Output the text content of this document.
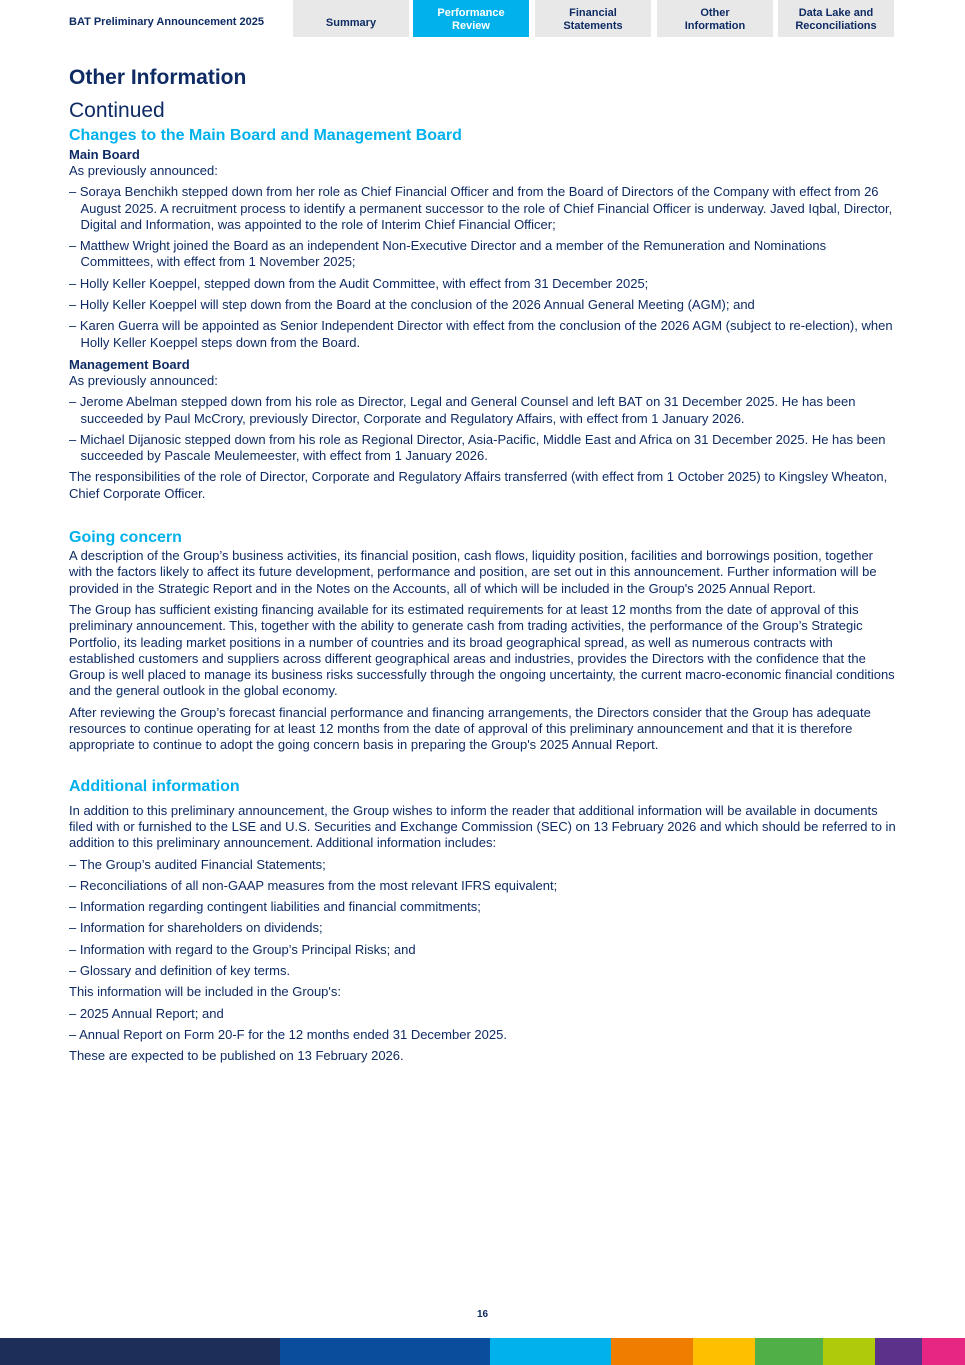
BAT Preliminary Announcement 2025	Summary
Performance
Review
Financial
Statements
Other
Information
Data Lake and
Reconciliations
Other Information
Continued
Changes to the Main Board and Management Board
Main Board

As previously announced:

– Soraya Benchikh stepped down from her role as Chief Financial Officer and from the Board of Directors of the Company with effect from 26 August 2025. A recruitment process to identify a permanent successor to the role of Chief Financial Officer is underway. Javed Iqbal, Director, Digital and Information, was appointed to the role of Interim Chief Financial Officer;
– Matthew Wright joined the Board as an independent Non-Executive Director and a member of the Remuneration and Nominations Committees, with effect from 1 November 2025;
– Holly Keller Koeppel, stepped down from the Audit Committee, with effect from 31 December 2025;
– Holly Keller Koeppel will step down from the Board at the conclusion of the 2026 Annual General Meeting (AGM); and
– Karen Guerra will be appointed as Senior Independent Director with effect from the conclusion of the 2026 AGM (subject to re-election), when Holly Keller Koeppel steps down from the Board.
Management Board

As previously announced:

– Jerome Abelman stepped down from his role as Director, Legal and General Counsel and left BAT on 31 December 2025. He has been succeeded by Paul McCrory, previously Director, Corporate and Regulatory Affairs, with effect from 1 January 2026.
– Michael Dijanosic stepped down from his role as Regional Director, Asia-Pacific, Middle East and Africa on 31 December 2025. He has been succeeded by Pascale Meulemeester, with effect from 1 January 2026.

The responsibilities of the role of Director, Corporate and Regulatory Affairs transferred (with effect from 1 October 2025) to Kingsley Wheaton, Chief Corporate Officer.

Going concern

A description of the Group’s business activities, its financial position, cash flows, liquidity position, facilities and borrowings position, together with the factors likely to affect its future development, performance and position, are set out in this announcement. Further information will be provided in the Strategic Report and in the Notes on the Accounts, all of which will be included in the Group's 2025 Annual Report.

The Group has sufficient existing financing available for its estimated requirements for at least 12 months from the date of approval of this preliminary announcement. This, together with the ability to generate cash from trading activities, the performance of the Group’s Strategic Portfolio, its leading market positions in a number of countries and its broad geographical spread, as well as numerous contracts with established customers and suppliers across different geographical areas and industries, provides the Directors with the confidence that the Group is well placed to manage its business risks successfully through the ongoing uncertainty, the current macro-economic financial conditions and the general outlook in the global economy.

After reviewing the Group’s forecast financial performance and financing arrangements, the Directors consider that the Group has adequate resources to continue operating for at least 12 months from the date of approval of this preliminary announcement and that it is therefore appropriate to continue to adopt the going concern basis in preparing the Group's 2025 Annual Report.

Additional information

In addition to this preliminary announcement, the Group wishes to inform the reader that additional information will be available in documents filed with or furnished to the LSE and U.S. Securities and Exchange Commission (SEC) on 13 February 2026 and which should be referred to in addition to this preliminary announcement. Additional information includes:

– The Group’s audited Financial Statements;
– Reconciliations of all non-GAAP measures from the most relevant IFRS equivalent;
– Information regarding contingent liabilities and financial commitments;
– Information for shareholders on dividends;
– Information with regard to the Group’s Principal Risks; and
– Glossary and definition of key terms.

This information will be included in the Group's:

– 2025 Annual Report; and
– Annual Report on Form 20-F for the 12 months ended 31 December 2025.

These are expected to be published on 13 February 2026.

16
